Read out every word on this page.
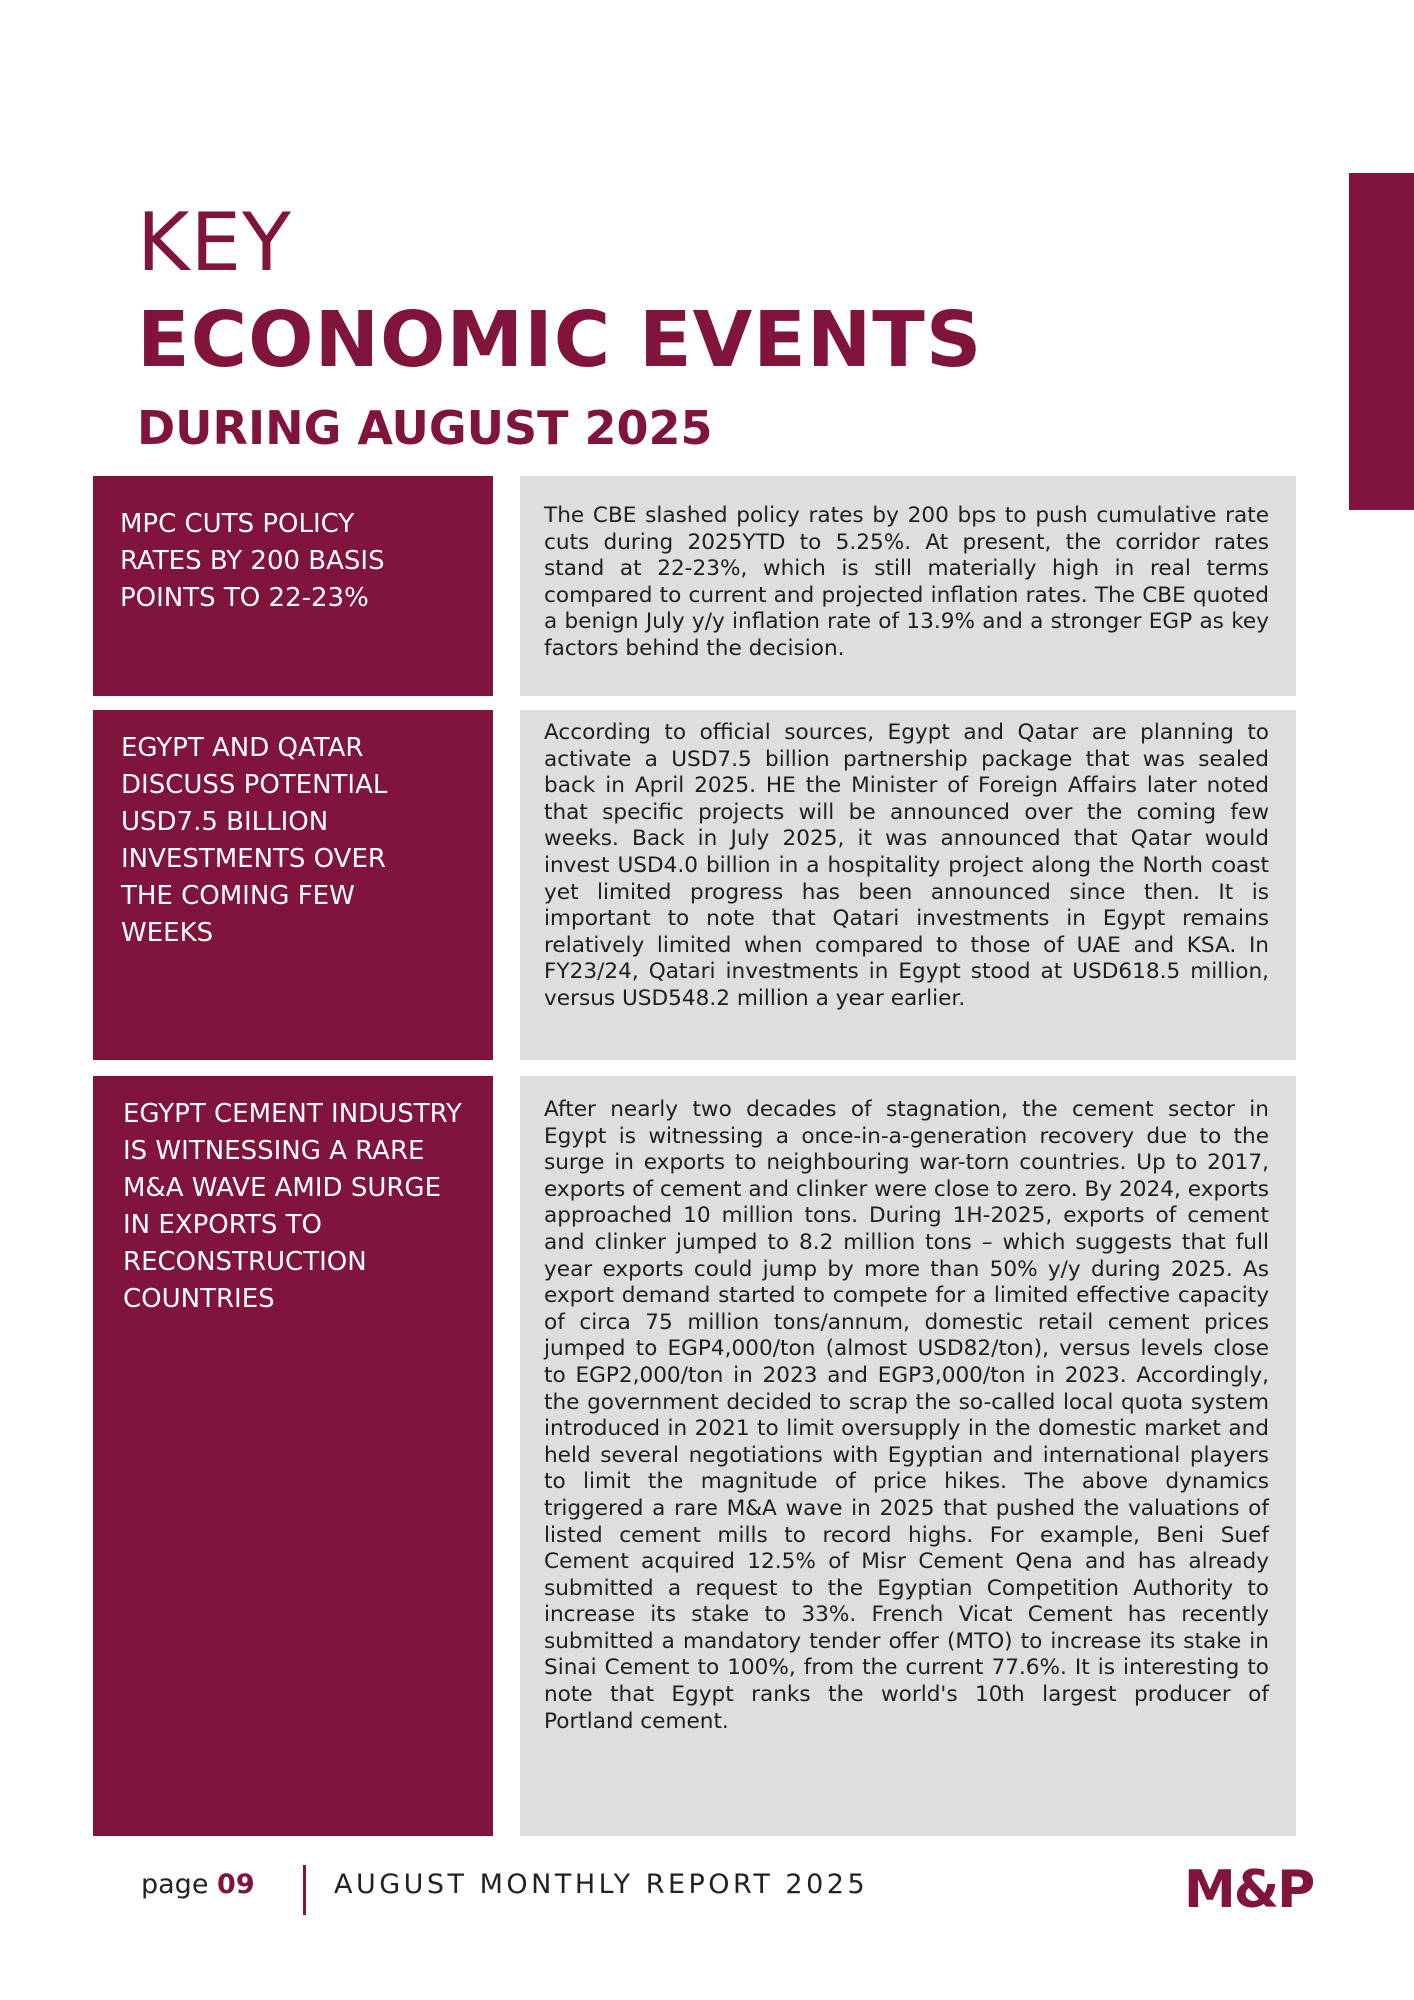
KEY
ECONOMIC EVENTS
DURING AUGUST 2025
MPC CUTS POLICY RATES BY 200 BASIS POINTS TO 22-23%
The CBE slashed policy rates by 200 bps to push cumulative rate cuts during 2025YTD to 5.25%. At present, the corridor rates stand at 22-23%, which is still materially high in real terms compared to current and projected inflation rates. The CBE quoted a benign July y/y inflation rate of 13.9% and a stronger EGP as key factors behind the decision.
EGYPT AND QATAR DISCUSS POTENTIAL USD7.5 BILLION INVESTMENTS OVER THE COMING FEW WEEKS
According to official sources, Egypt and Qatar are planning to activate a USD7.5 billion partnership package that was sealed back in April 2025. HE the Minister of Foreign Affairs later noted that specific projects will be announced over the coming few weeks. Back in July 2025, it was announced that Qatar would invest USD4.0 billion in a hospitality project along the North coast yet limited progress has been announced since then. It is important to note that Qatari investments in Egypt remains relatively limited when compared to those of UAE and KSA. In FY23/24, Qatari investments in Egypt stood at USD618.5 million, versus USD548.2 million a year earlier.
EGYPT CEMENT INDUSTRY IS WITNESSING A RARE M&A WAVE AMID SURGE IN EXPORTS TO RECONSTRUCTION COUNTRIES
After nearly two decades of stagnation, the cement sector in Egypt is witnessing a once-in-a-generation recovery due to the surge in exports to neighbouring war-torn countries. Up to 2017, exports of cement and clinker were close to zero. By 2024, exports approached 10 million tons. During 1H-2025, exports of cement and clinker jumped to 8.2 million tons – which suggests that full year exports could jump by more than 50% y/y during 2025. As export demand started to compete for a limited effective capacity of circa 75 million tons/annum, domestic retail cement prices jumped to EGP4,000/ton (almost USD82/ton), versus levels close to EGP2,000/ton in 2023 and EGP3,000/ton in 2023. Accordingly, the government decided to scrap the so-called local quota system introduced in 2021 to limit oversupply in the domestic market and held several negotiations with Egyptian and international players to limit the magnitude of price hikes. The above dynamics triggered a rare M&A wave in 2025 that pushed the valuations of listed cement mills to record highs. For example, Beni Suef Cement acquired 12.5% of Misr Cement Qena and has already submitted a request to the Egyptian Competition Authority to increase its stake to 33%. French Vicat Cement has recently submitted a mandatory tender offer (MTO) to increase its stake in Sinai Cement to 100%, from the current 77.6%. It is interesting to note that Egypt ranks the world's 10th largest producer of Portland cement.
page 09	AUGUST MONTHLY REPORT 2025	M&P
